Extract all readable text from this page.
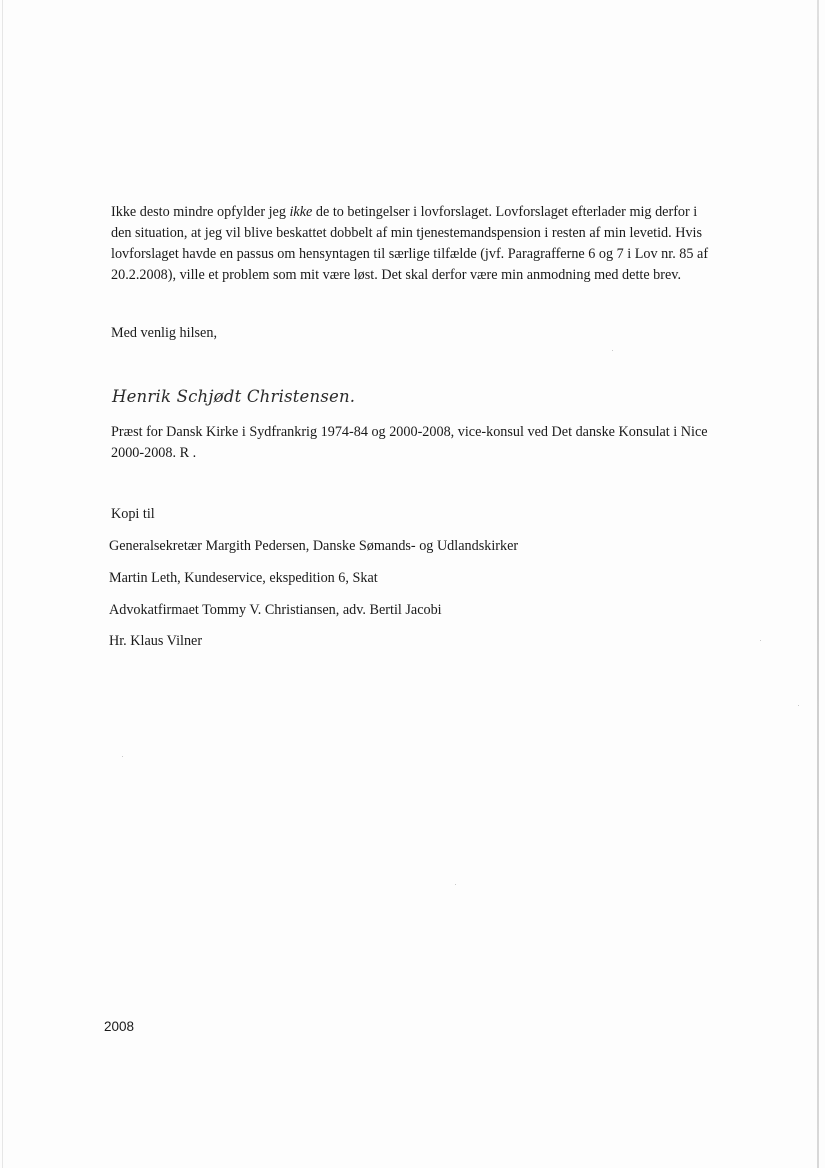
Ikke desto mindre opfylder jeg ikke de to betingelser i lovforslaget. Lovforslaget efterlader mig derfor i den situation, at jeg vil blive beskattet dobbelt af min tjenestemandspension i resten af min levetid. Hvis lovforslaget havde en passus om hensyntagen til særlige tilfælde (jvf. Paragrafferne 6 og 7 i Lov nr. 85 af 20.2.2008), ville et problem som mit være løst. Det skal derfor være min anmodning med dette brev.

Med venlig hilsen,
Henrik Schjødt Christensen.
Præst for Dansk Kirke i Sydfrankrig 1974-84 og 2000-2008, vice-konsul ved Det danske Konsulat i Nice 2000-2008. R .
Kopi til
Generalsekretær Margith Pedersen, Danske Sømands- og Udlandskirker
Martin Leth, Kundeservice, ekspedition 6, Skat
Advokatfirmaet Tommy V. Christiansen, adv. Bertil Jacobi
Hr. Klaus Vilner
2008
